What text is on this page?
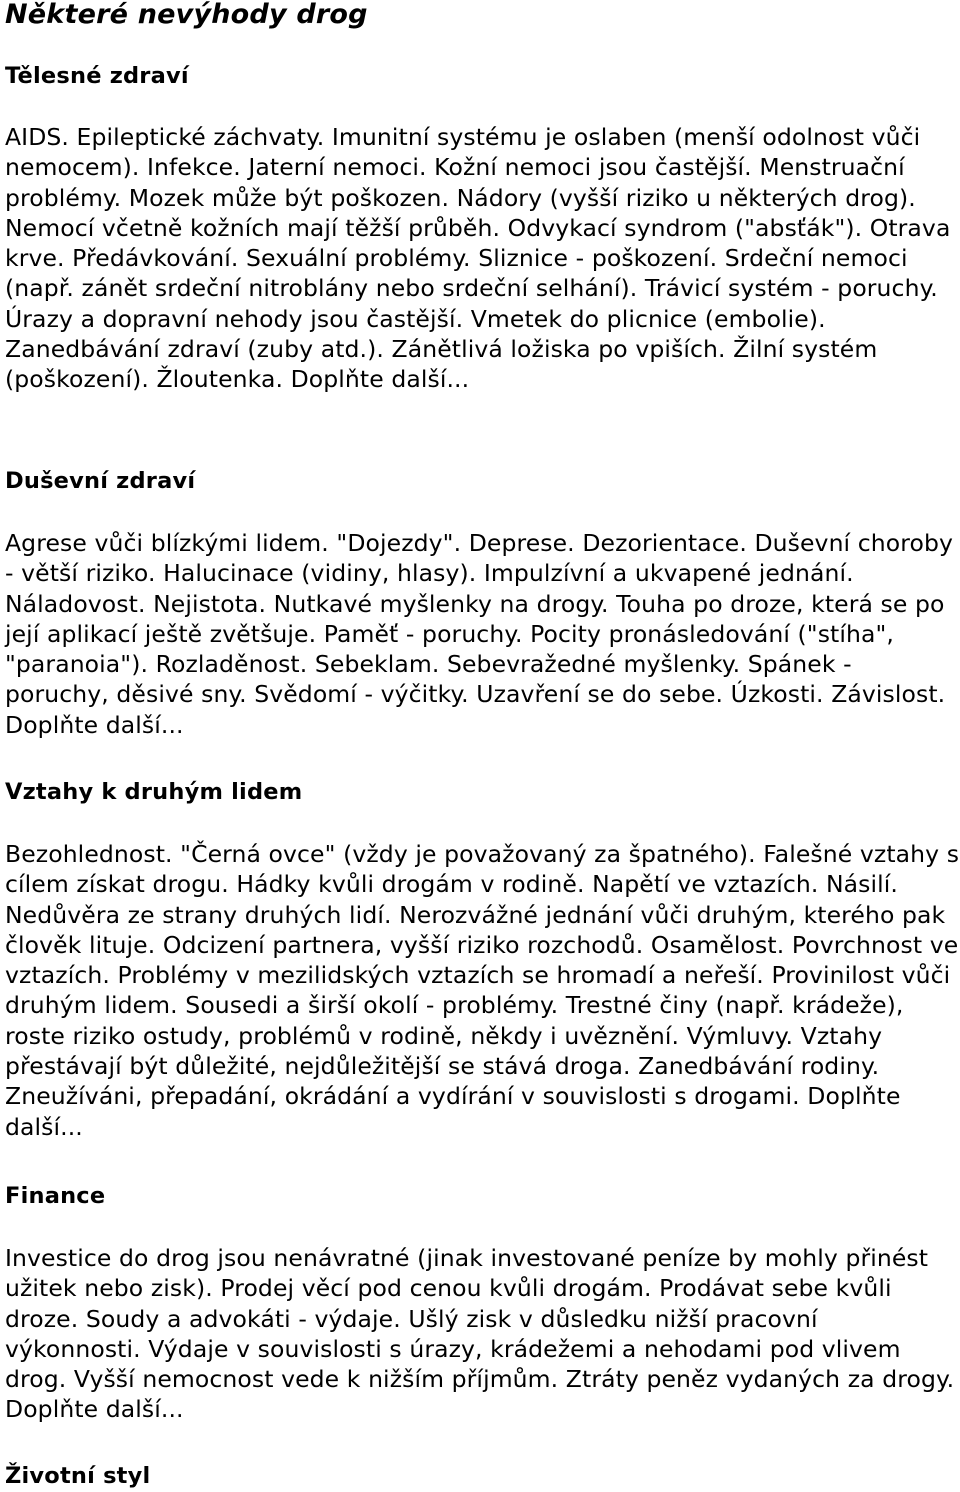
Některé nevýhody drog
Tělesné zdraví

AIDS. Epileptické záchvaty. Imunitní systému je oslaben (menší odolnost vůči nemocem). Infekce. Jaterní nemoci. Kožní nemoci jsou častější. Menstruační problémy. Mozek může být poškozen. Nádory (vyšší riziko u některých drog). Nemocí včetně kožních mají těžší průběh. Odvykací syndrom ("absťák"). Otrava krve. Předávkování. Sexuální problémy. Sliznice - poškození. Srdeční nemoci (např. zánět srdeční nitroblány nebo srdeční selhání). Trávicí systém - poruchy. Úrazy a dopravní nehody jsou častější. Vmetek do plicnice (embolie). Zanedbávání zdraví (zuby atd.). Zánětlivá ložiska po vpiších. Žilní systém (poškození). Žloutenka. Doplňte další...

Duševní zdraví

Agrese vůči blízkými lidem. "Dojezdy". Deprese. Dezorientace. Duševní choroby - větší riziko. Halucinace (vidiny, hlasy). Impulzívní a ukvapené jednání. Náladovost. Nejistota. Nutkavé myšlenky na drogy. Touha po droze, která se po její aplikací ještě zvětšuje. Paměť - poruchy. Pocity pronásledování ("stíha", "paranoia"). Rozladěnost. Sebeklam. Sebevražedné myšlenky. Spánek - poruchy, děsivé sny. Svědomí - výčitky. Uzavření se do sebe. Úzkosti. Závislost. Doplňte další...

Vztahy k druhým lidem

Bezohlednost. "Černá ovce" (vždy je považovaný za špatného). Falešné vztahy s cílem získat drogu. Hádky kvůli drogám v rodině. Napětí ve vztazích. Násilí. Nedůvěra ze strany druhých lidí. Nerozvážné jednání vůči druhým, kterého pak člověk lituje. Odcizení partnera, vyšší riziko rozchodů. Osamělost. Povrchnost ve vztazích. Problémy v mezilidských vztazích se hromadí a neřeší. Provinilost vůči druhým lidem. Sousedi a širší okolí - problémy. Trestné činy (např. krádeže), roste riziko ostudy, problémů v rodině, někdy i uvěznění. Výmluvy. Vztahy přestávají být důležité, nejdůležitější se stává droga. Zanedbávání rodiny. Zneužíváni, přepadání, okrádání a vydírání v souvislosti s drogami. Doplňte další...

Finance

Investice do drog jsou nenávratné (jinak investované peníze by mohly přinést užitek nebo zisk). Prodej věcí pod cenou kvůli drogám. Prodávat sebe kvůli droze. Soudy a advokáti - výdaje. Ušlý zisk v důsledku nižší pracovní výkonnosti. Výdaje v souvislosti s úrazy, krádežemi a nehodami pod vlivem drog. Vyšší nemocnost vede k nižším příjmům. Ztráty peněz vydaných za drogy. Doplňte další...

Životní styl
